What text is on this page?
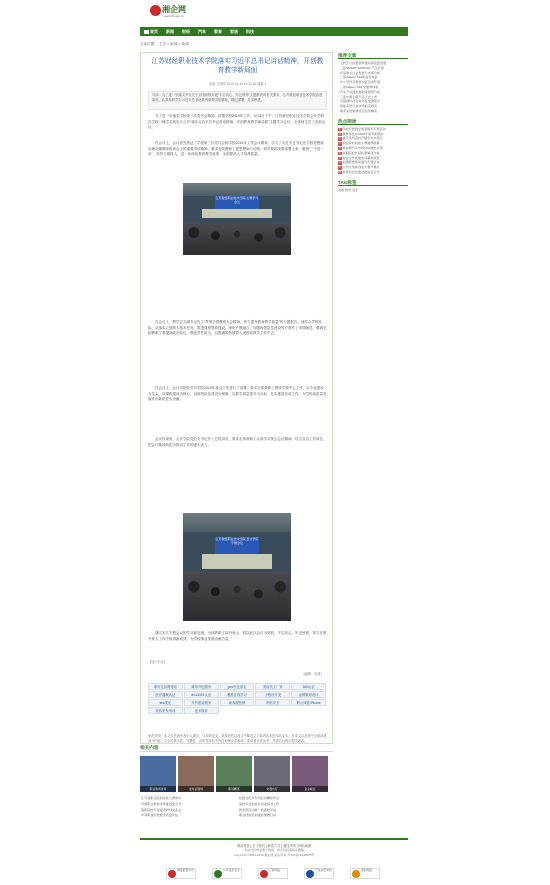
湘企网
www.xhcom.cn
首页	新闻	财经	汽车	教育	家居	科技
当前位置： 主页 > 新闻 > 新闻
江苏财经职业技术学院落实习近平总书记讲话精神，开创教育教学新局面
来源:互联网 2019-04-16 15:32:18 编辑:1
导读：为了进一步落实中央关于全国高校开展“不忘初心、牢记使命”主题教育的有关要求，江苏财经职业技术学院高度重视，认真组织学习习近平总书记系列重要讲话精神，精心部署，扎实推进。
为了进一步落实学校第三次党代会精神，部署学校2019年工作，4月3日下午，江苏财经职业技术学院会计学院在学校二楼学术报告厅召开“落实习近平总书记讲话精神，开创教育教学新局面”主题学习会议，全体师生员工参加会议。
在会议上，会议首先传达了学校第三次党代会和学校2019年工作会议精神，学习了习近平总书记在学校思想政治理论课教师座谈会上的重要讲话精神，要求全院教职工把思想和行动统一到学校的决策部署上来，做到“三个进一步”，坚持立德树人，进一步深化教育教学改革，全面提高人才培养质量。
江苏财经职业技术学院 主题学习会议
在会议上，教学总支副书记作了“贯彻全国教育大会精神，努力提升教育教学质量”的专题报告。他结合学院实际，从落实立德树人根本任务、推进课程思政建设、深化产教融合、加强师资队伍建设等方面作了详细阐述，强调全院教职工要提高政治站位，强化责任担当，以饱满的热情投入到教育教学工作中去。
在会议上，会计学院院长对学院2019年重点工作进行了部署，要求全体教职工围绕学校中心工作，以专业建设为龙头，以课程建设为核心，以师资队伍建设为保障，以教学质量提升为目标，扎实推进各项工作，为学校高质量发展作出新的更大贡献。
会议结束时，会计学院党总支书记作了总结讲话，要求全体教职工认真学习领会会议精神，结合各自工作岗位，把会议精神转化为推动工作的强大动力。
江苏财经职业技术学院 会计学院专题会议
通过本次专题会议的学习和交流，全体教职工纷纷表示，将以此次会议为契机，不忘初心、牢记使命，努力在教书育人工作中取得新成效，为学校事业发展贡献力量。
【返回顶部】
（编辑：无忧）
重庆礼品网建站	财务外包服务	geo优化排名	美妆代工厂家	360认证
医疗器械认证	iso14001认证	雅思在线学习	小程序开发	品牌策划设计
seo优化	外贸建站服务	新客服营销	网站安全	蜀山问题 iPhone
美容美发培训	更多推荐
免责声明：本文仅代表作者个人观点，与本网无关。其原创性以及文中陈述文字和内容未经本站证实，对本文以及其中全部或者部分内容、文字的真实性、完整性、及时性本站不作任何保证或承诺，请读者仅作参考，并请自行核实相关内容。
推荐文章
· 【转】以质量教育推动高质量发展
· 三星SMART SCHOOL 产品介绍
· 共享单车行业发展与市场分析
· 三星Galaxy S10新品发布会
· 中小学科学教育实践活动开展
· 三星Galaxy S10 全面屏体验
· 汽车产业链发展前景展望分析
· 三星中国全新产品正式上市
· 互联网科技企业年度发展报告
· 智能家居行业市场前景研究
· 春季家居装修流行趋势解读
热点阅读
1 高校开展教学质量提升专项活动
2 教育部发布2019年高考新规则
3 重庆多所高校开展学术交流会
4 职业院校技能大赛圆满落幕
5 新能源汽车市场持续增长态势
6 高职院校扩招政策解读分析
7 校企合作共建实训基地项目
8 加强师德师风建设专题会议
9 大学生创新创业大赛开幕式
10教育信息化建设推进会召开
TAG标签
电影 教育 音乐
相关内容
职业教育改革	发布会现场	职场精英	交通出行	企业峰会
·江苏省职业院校技能大赛举办
·中国职业教育改革推进会召开
·高职院校专业建设研讨交流会
·中等职业学校教学质量评估
·校园文化节系列活动精彩纷呈
·高校毕业生就业创业指导工作
·教育部启动新一轮高校评估
·职业技能培训提质增效行动
网站首页 | 关于我们 | 联系方式 | 版权声明 | 网站地图
本站内容均来源于网络，如有侵权请联系删除
Copyright ©2011-2019 湘企网 版权所有 苏ICP备12345678号
网络报警平台	公共信息安全	工商网监	不良信息举报	诚信网站
